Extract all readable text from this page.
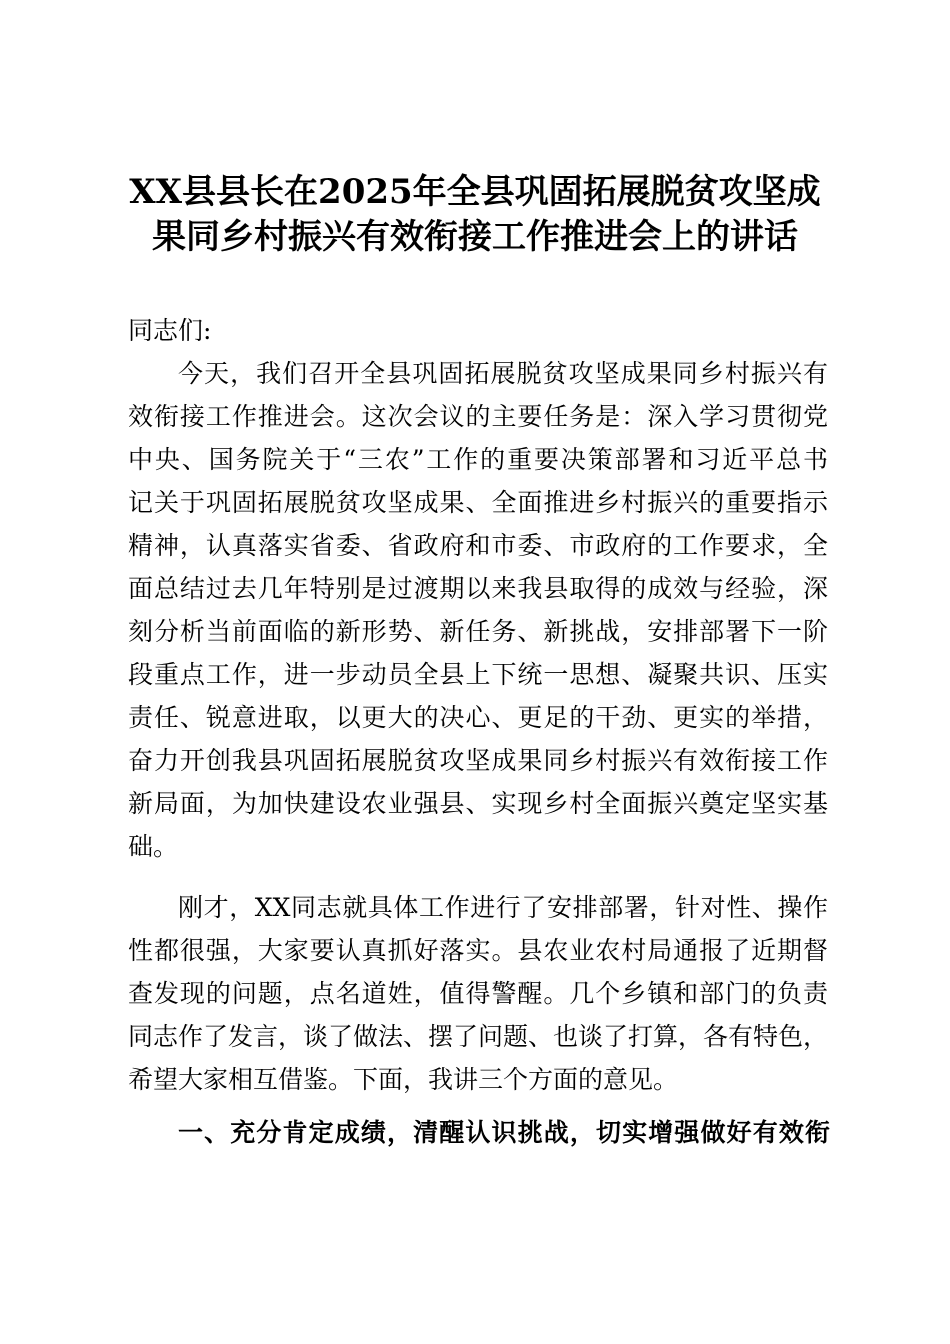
XX县县长在2025年全县巩固拓展脱贫攻坚成
果同乡村振兴有效衔接工作推进会上的讲话
同志们:
今天，我们召开全县巩固拓展脱贫攻坚成果同乡村振兴有
效衔接工作推进会。这次会议的主要任务是：深入学习贯彻党
中央、国务院关于“三农”工作的重要决策部署和习近平总书
记关于巩固拓展脱贫攻坚成果、全面推进乡村振兴的重要指示
精神，认真落实省委、省政府和市委、市政府的工作要求，全
面总结过去几年特别是过渡期以来我县取得的成效与经验，深
刻分析当前面临的新形势、新任务、新挑战，安排部署下一阶
段重点工作，进一步动员全县上下统一思想、凝聚共识、压实
责任、锐意进取，以更大的决心、更足的干劲、更实的举措，
奋力开创我县巩固拓展脱贫攻坚成果同乡村振兴有效衔接工作
新局面，为加快建设农业强县、实现乡村全面振兴奠定坚实基
础。
刚才，XX同志就具体工作进行了安排部署，针对性、操作
性都很强，大家要认真抓好落实。县农业农村局通报了近期督
查发现的问题，点名道姓，值得警醒。几个乡镇和部门的负责
同志作了发言，谈了做法、摆了问题、也谈了打算，各有特色，
希望大家相互借鉴。下面，我讲三个方面的意见。
一、充分肯定成绩，清醒认识挑战，切实增强做好有效衔
